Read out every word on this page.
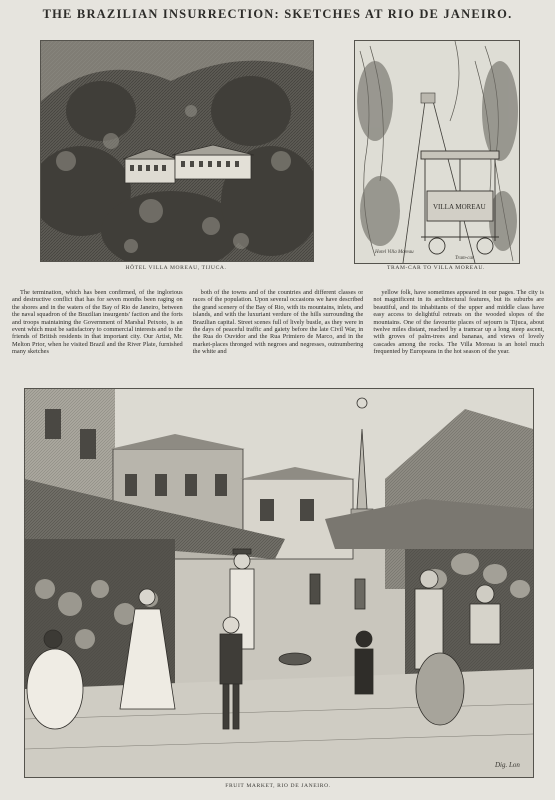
THE BRAZILIAN INSURRECTION: SKETCHES AT RIO DE JANEIRO.
HÔTEL VILLA MOREAU, TIJUCA.
VILLA MOREAU
Hotel Villa Moreau
Tram-car
TRAM-CAR TO VILLA MOREAU.
The termination, which has been confirmed, of the inglorious and destructive conflict that has for seven months been raging on the shores and in the waters of the Bay of Rio de Janeiro, between the naval squadron of the Brazilian insurgents' faction and the forts and troops maintaining the Government of Marshal Peixoto, is an event which must be satisfactory to commercial interests and to the friends of British residents in that important city. Our Artist, Mr. Melton Prior, when he visited Brazil and the River Plate, furnished many sketches
both of the towns and of the countries and different classes or races of the population. Upon several occasions we have described the grand scenery of the Bay of Rio, with its mountains, inlets, and islands, and with the luxuriant verdure of the hills surrounding the Brazilian capital. Street scenes full of lively bustle, as they were in the days of peaceful traffic and gaiety before the late Civil War, in the Rua do Ouvidor and the Rua Primiero de Marco, and in the market-places thronged with negroes and negresses, outnumbering the white and
yellow folk, have sometimes appeared in our pages. The city is not magnificent in its architectural features, but its suburbs are beautiful, and its inhabitants of the upper and middle class have easy access to delightful retreats on the wooded slopes of the mountains. One of the favourite places of sejourn is Tijuca, about twelve miles distant, reached by a tramcar up a long steep ascent, with groves of palm-trees and bananas, and views of lovely cascades among the rocks. The Villa Moreau is an hotel much frequented by Europeans in the hot season of the year.
Dig. Lon
FRUIT MARKET, RIO DE JANEIRO.
